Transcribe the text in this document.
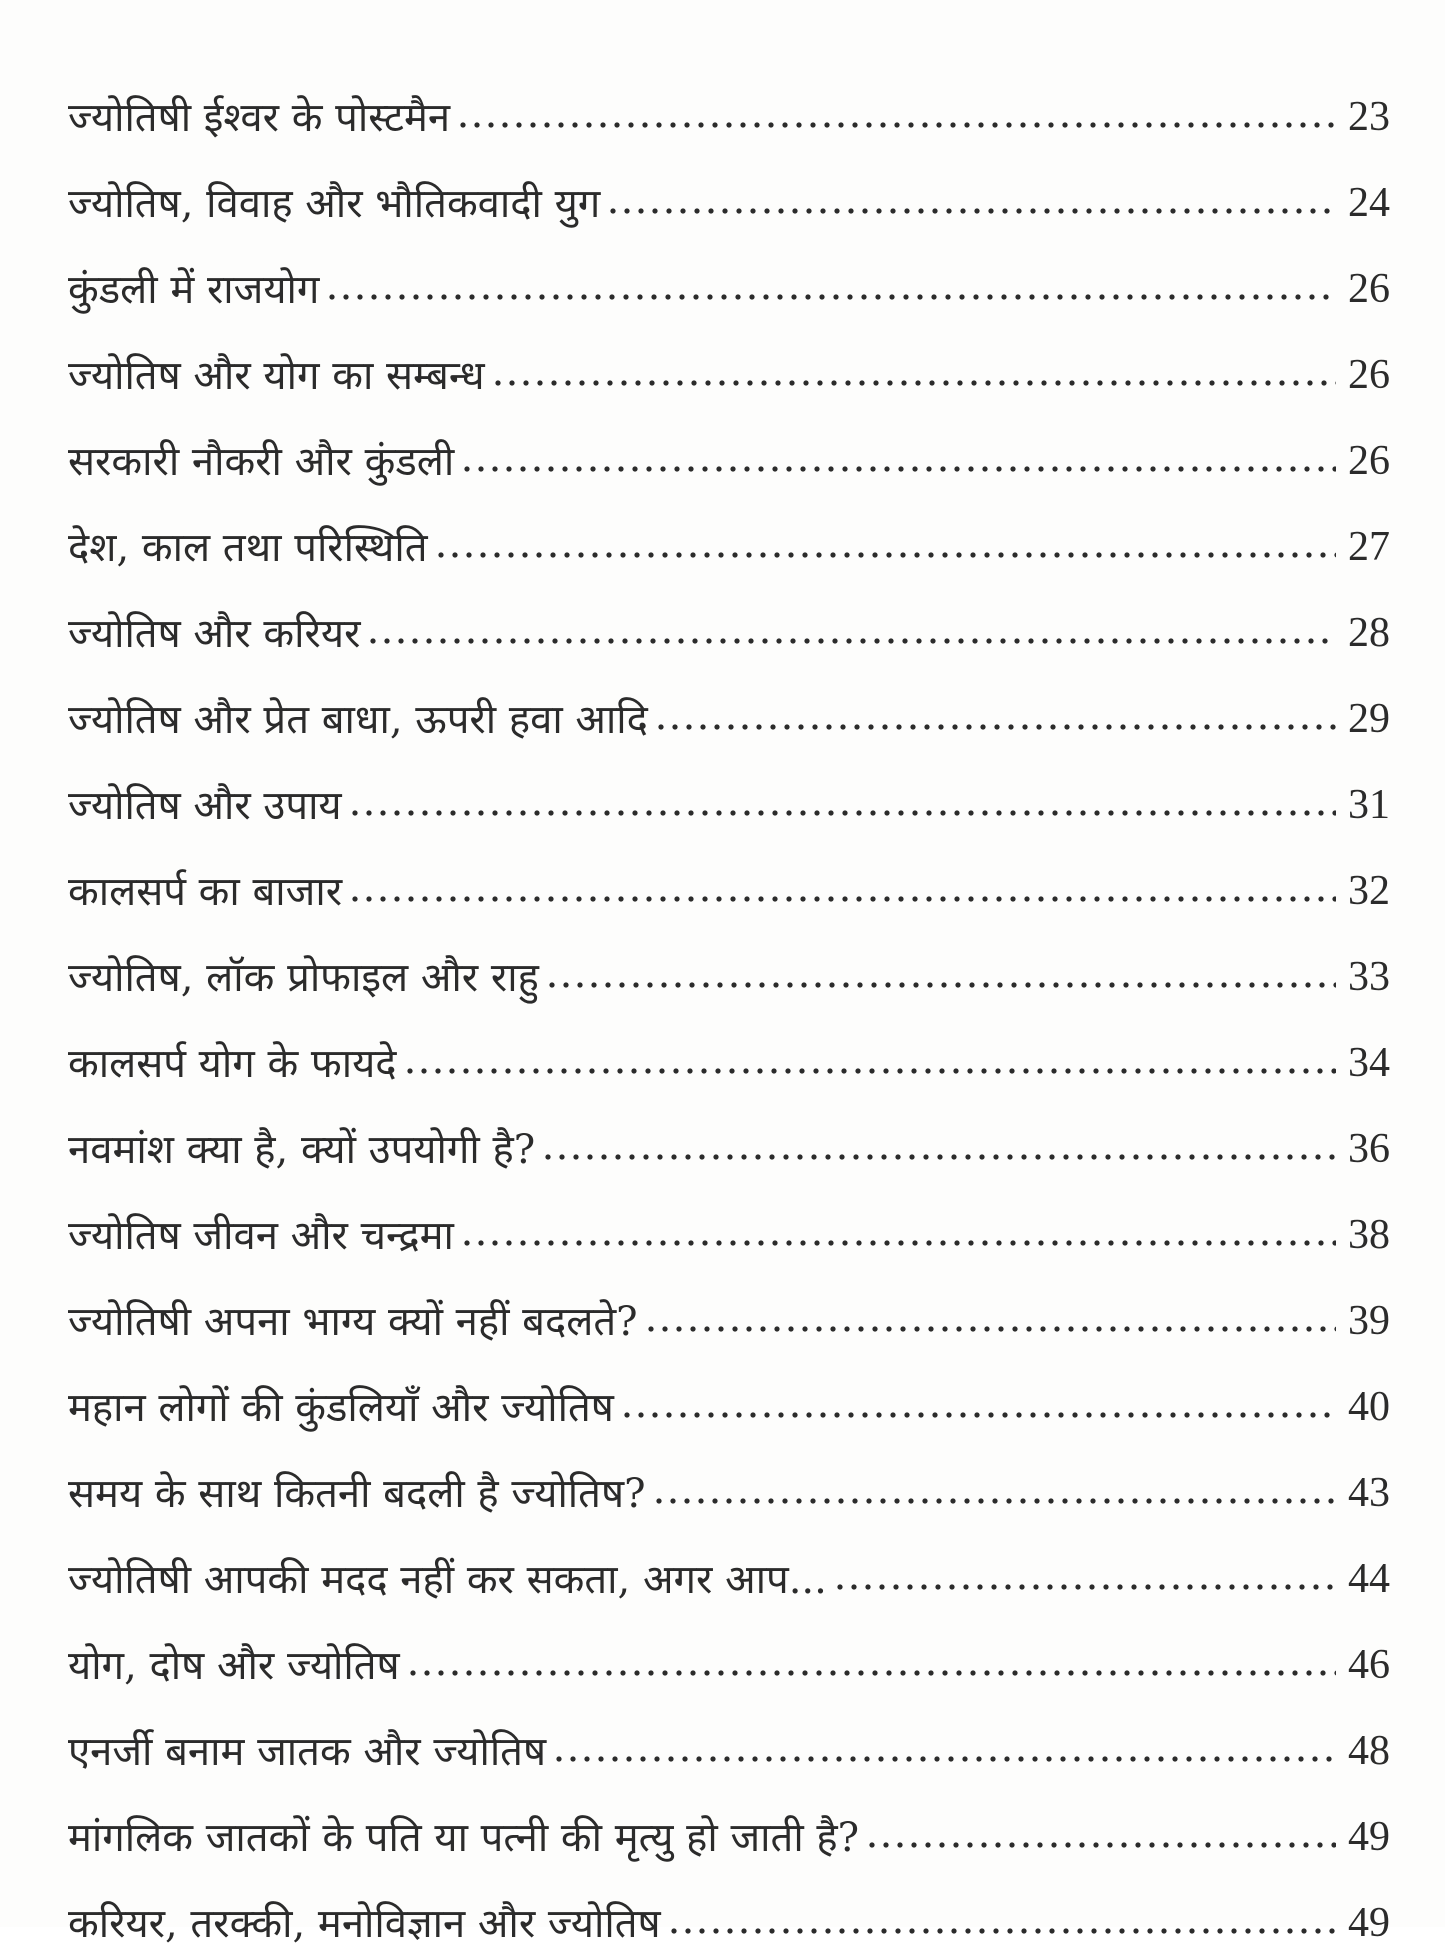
ज्योतिषी ईश्वर के पोस्टमैन	23
ज्योतिष, विवाह और भौतिकवादी युग	24
कुंडली में राजयोग	26
ज्योतिष और योग का सम्बन्ध	26
सरकारी नौकरी और कुंडली	26
देश, काल तथा परिस्थिति	27
ज्योतिष और करियर	28
ज्योतिष और प्रेत बाधा, ऊपरी हवा आदि	29
ज्योतिष और उपाय	31
कालसर्प का बाजार	32
ज्योतिष, लॉक प्रोफाइल और राहु	33
कालसर्प योग के फायदे	34
नवमांश क्या है, क्यों उपयोगी है?	36
ज्योतिष जीवन और चन्द्रमा	38
ज्योतिषी अपना भाग्य क्यों नहीं बदलते?	39
महान लोगों की कुंडलियाँ और ज्योतिष	40
समय के साथ कितनी बदली है ज्योतिष?	43
ज्योतिषी आपकी मदद नहीं कर सकता, अगर आप...	44
योग, दोष और ज्योतिष	46
एनर्जी बनाम जातक और ज्योतिष	48
मांगलिक जातकों के पति या पत्नी की मृत्यु हो जाती है?	49
करियर, तरक्की, मनोविज्ञान और ज्योतिष	49
